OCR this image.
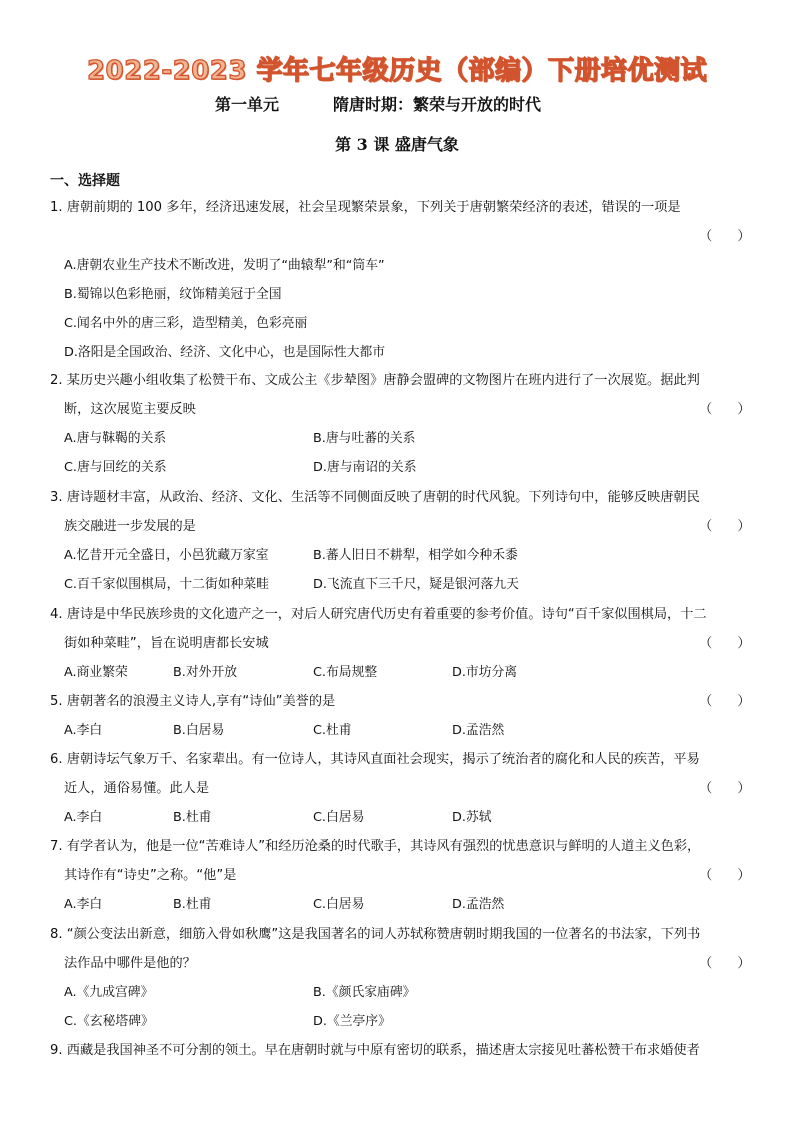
2022-2023 学年七年级历史（部编）下册培优测试
第一单元	隋唐时期：繁荣与开放的时代
第 3 课 盛唐气象
一、选择题
1. 唐朝前期的 100 多年，经济迅速发展，社会呈现繁荣景象，下列关于唐朝繁荣经济的表述，错误的一项是
（      ）
A.唐朝农业生产技术不断改进，发明了“曲辕犁”和“筒车”
B.蜀锦以色彩艳丽，纹饰精美冠于全国
C.闻名中外的唐三彩，造型精美，色彩亮丽
D.洛阳是全国政治、经济、文化中心，也是国际性大都市
2. 某历史兴趣小组收集了松赞干布、文成公主《步辇图》唐静会盟碑的文物图片在班内进行了一次展览。据此判
断，这次展览主要反映	（      ）
A.唐与靺鞨的关系	B.唐与吐蕃的关系
C.唐与回纥的关系	D.唐与南诏的关系
3. 唐诗题材丰富，从政治、经济、文化、生活等不同侧面反映了唐朝的时代风貌。下列诗句中，能够反映唐朝民
族交融进一步发展的是	（      ）
A.忆昔开元全盛日，小邑犹藏万家室	B.蕃人旧日不耕犁，相学如今种禾黍
C.百千家似围棋局，十二街如种菜畦	D.飞流直下三千尺，疑是银河落九天
4. 唐诗是中华民族珍贵的文化遗产之一，对后人研究唐代历史有着重要的参考价值。诗句“百千家似围棋局，十二
街如种菜畦”，旨在说明唐都长安城	（      ）
A.商业繁荣	B.对外开放	C.布局规整	D.市坊分离
5. 唐朝著名的浪漫主义诗人,享有“诗仙”美誉的是	（      ）
A.李白	B.白居易	C.杜甫	D.孟浩然
6. 唐朝诗坛气象万千、名家辈出。有一位诗人，其诗风直面社会现实，揭示了统治者的腐化和人民的疾苦，平易
近人，通俗易懂。此人是	（      ）
A.李白	B.杜甫	C.白居易	D.苏轼
7. 有学者认为，他是一位“苦难诗人”和经历沧桑的时代歌手，其诗风有强烈的忧患意识与鲜明的人道主义色彩，
其诗作有“诗史”之称。“他”是	（      ）
A.李白	B.杜甫	C.白居易	D.孟浩然
8. “颜公变法出新意，细筋入骨如秋鹰”这是我国著名的词人苏轼称赞唐朝时期我国的一位著名的书法家，下列书
法作品中哪件是他的？	（      ）
A.《九成宫碑》	B.《颜氏家庙碑》
C.《玄秘塔碑》	D.《兰亭序》
9. 西藏是我国神圣不可分割的领土。早在唐朝时就与中原有密切的联系，描述唐太宗接见吐蕃松赞干布求婚使者
